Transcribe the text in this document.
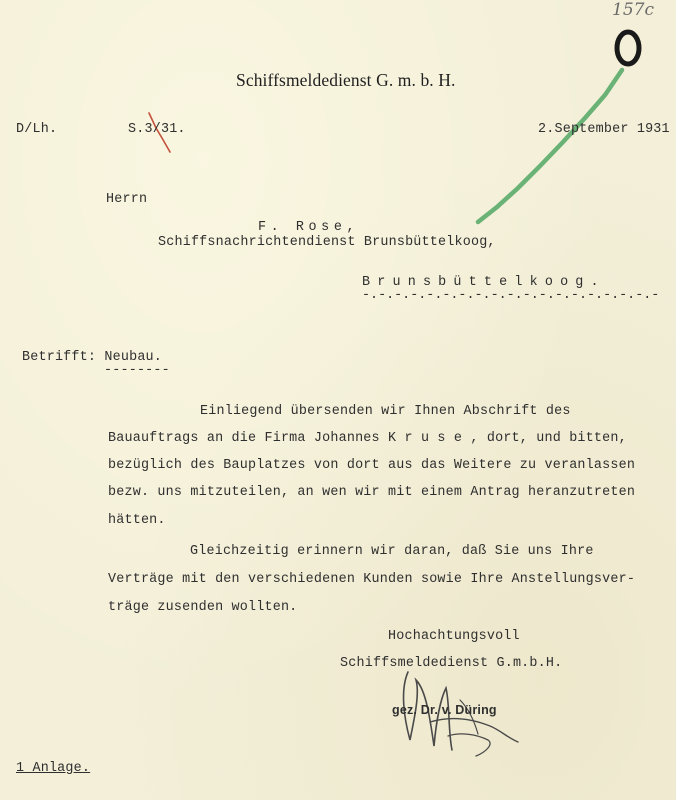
157c
Schiffsmeldedienst G. m. b. H.
D/Lh.	S.3/31.	2.September 1931
Herrn
F. Rose,
Schiffsnachrichtendienst Brunsbüttelkoog,
Brunsbüttelkoog.
-.-.-.-.-.-.-.-.-.-.-.-.-.-.-.-.-.-.-
Betrifft: Neubau.
--------
Einliegend übersenden wir Ihnen Abschrift des
Bauauftrags an die Firma Johannes K r u s e , dort, und bitten,
bezüglich des Bauplatzes von dort aus das Weitere zu veranlassen
bezw. uns mitzuteilen, an wen wir mit einem Antrag heranzutreten
hätten.
Gleichzeitig erinnern wir daran, daß Sie uns Ihre
Verträge mit den verschiedenen Kunden sowie Ihre Anstellungsver-
träge zusenden wollten.
Hochachtungsvoll
Schiffsmeldedienst G.m.b.H.
gez. Dr. v. Düring
1 Anlage.
